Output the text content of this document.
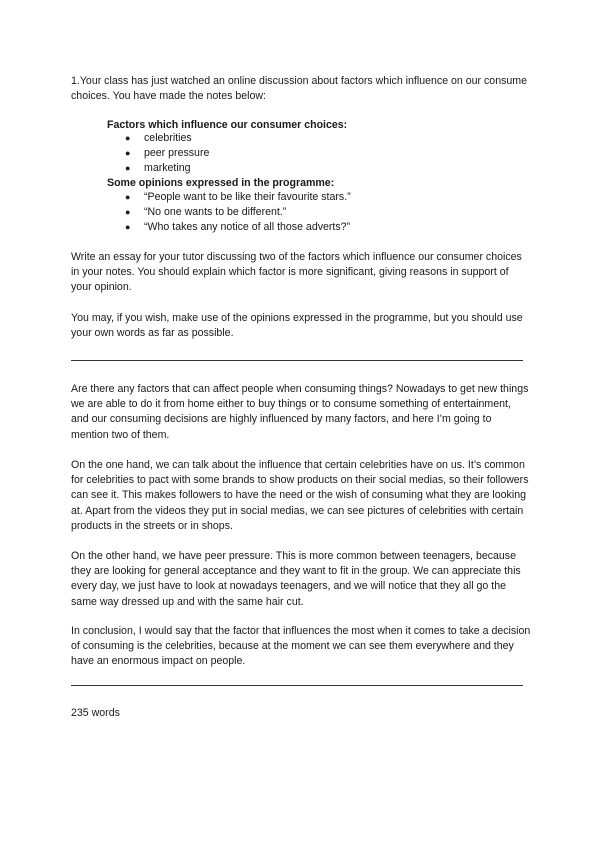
1.Your class has just watched an online discussion about factors which influence on our consume choices. You have made the notes below:

Factors which influence our consumer choices:

● celebrities
● peer pressure
● marketing

Some opinions expressed in the programme:

● “People want to be like their favourite stars.”
● “No one wants to be different.”
● “Who takes any notice of all those adverts?”

Write an essay for your tutor discussing two of the factors which influence our consumer choices in your notes. You should explain which factor is more significant, giving reasons in support of your opinion.

You may, if you wish, make use of the opinions expressed in the programme, but you should use your own words as far as possible.

Are there any factors that can affect people when consuming things? Nowadays to get new things we are able to do it from home either to buy things or to consume something of entertainment, and our consuming decisions are highly influenced by many factors, and here I’m going to mention two of them.

On the one hand, we can talk about the influence that certain celebrities have on us. It’s common for celebrities to pact with some brands to show products on their social medias, so their followers can see it. This makes followers to have the need or the wish of consuming what they are looking at. Apart from the videos they put in social medias, we can see pictures of celebrities with certain products in the streets or in shops.

On the other hand, we have peer pressure. This is more common between teenagers, because they are looking for general acceptance and they want to fit in the group. We can appreciate this every day, we just have to look at nowadays teenagers, and we will notice that they all go the same way dressed up and with the same hair cut.

In conclusion, I would say that the factor that influences the most when it comes to take a decision of consuming is the celebrities, because at the moment we can see them everywhere and they have an enormous impact on people.

235 words
